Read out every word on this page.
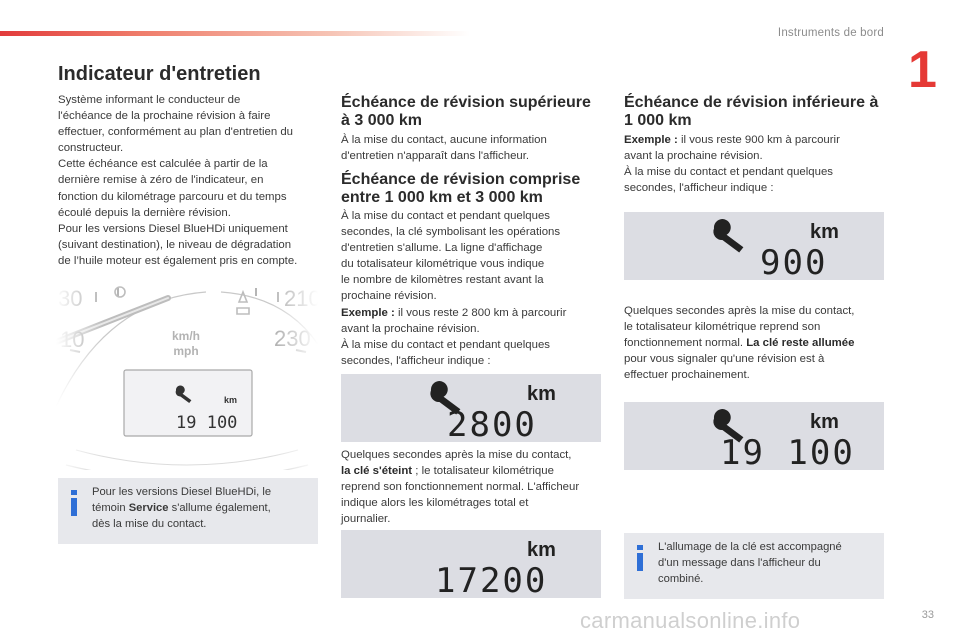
Instruments de bord
1
carmanualsonline.info	33
Indicateur d'entretien
Système informant le conducteur de
l'échéance de la prochaine révision à faire
effectuer, conformément au plan d'entretien du
constructeur.
Cette échéance est calculée à partir de la
dernière remise à zéro de l'indicateur, en
fonction du kilométrage parcouru et du temps
écoulé depuis la dernière révision.
Pour les versions Diesel BlueHDi uniquement
(suivant destination), le niveau de dégradation
de l’huile moteur est également pris en compte.
Pour les versions Diesel BlueHDi, le
témoin Service s'allume également,
dès la mise du contact.
Échéance de révision supérieure
à 3 000 km
À la mise du contact, aucune information
d'entretien n'apparaît dans l'afficheur.
Échéance de révision comprise
entre 1 000 km et 3 000 km
À la mise du contact et pendant quelques
secondes, la clé symbolisant les opérations
d'entretien s'allume. La ligne d'affichage
du totalisateur kilométrique vous indique
le nombre de kilomètres restant avant la
prochaine révision.
Exemple : il vous reste 2 800 km à parcourir
avant la prochaine révision.
À la mise du contact et pendant quelques
secondes, l'afficheur indique :
km
2800
Quelques secondes après la mise du contact,
la clé s'éteint ; le totalisateur kilométrique
reprend son fonctionnement normal. L'afficheur
indique alors les kilométrages total et
journalier.
km
17200
Échéance de révision inférieure à
1 000 km
Exemple : il vous reste 900 km à parcourir
avant la prochaine révision.
À la mise du contact et pendant quelques
secondes, l'afficheur indique :
km
900
Quelques secondes après la mise du contact,
le totalisateur kilométrique reprend son
fonctionnement normal. La clé reste allumée
pour vous signaler qu'une révision est à
effectuer prochainement.
km
19 100
L'allumage de la clé est accompagné
d'un message dans l'afficheur du
combiné.
